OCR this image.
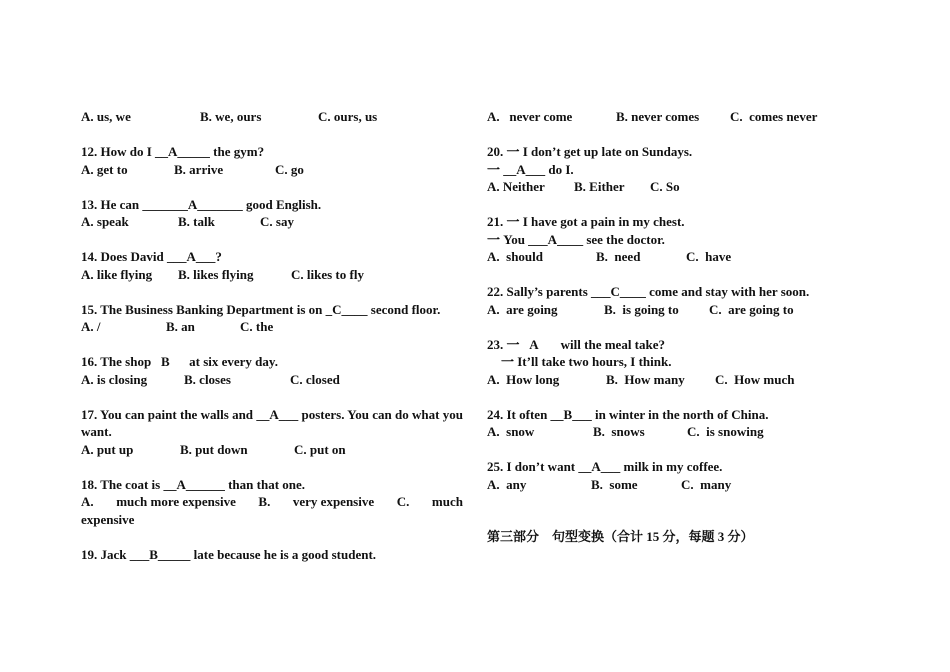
A. us, we	B. we, ours	C. ours, us
12. How do I __A_____ the gym?
A. get to	B. arrive	C. go
13. He can _______A_______ good English.
A. speak	B. talk	C. say
14. Does David ___A___?
A. like flying B. likes flying	C. likes to fly
15. The Business Banking Department is on _C____ second floor.
A. /	B. an	C. the
16. The shop   B      at six every day.
A. is closing	B. closes	C. closed
17. You can paint the walls and __A___ posters. You can do what you want.
A. put up	B. put down	C. put on
18. The coat is __A______ than that one.
A. much more expensive B. very expensive C. much
expensive
19. Jack ___B_____ late because he is a good student.

A.   never come

	B. never comes

C.  comes never

20. 一 I don’t get up late on Sundays.
一 __A___ do I.
A. Neither B. Either C. So
21. 一 I have got a pain in my chest.
一 You ___A____ see the doctor.

A.  should

	B.  need

	C.  have

22. Sally’s parents ___C____ come and stay with her soon.

A.  are going

	B.  is going to

C.  are going to

23. 一   A       will the meal take?
一 It’ll take two hours, I think.

A.  How long

	B.  How many

C.  How much

24. It often __B___ in winter in the north of China.

A.  snow

	B.  snows

	C.  is snowing

25. I don’t want __A___ milk in my coffee.

A.  any

	B.  some

	C.  many

第三部分    句型变换（合计 15 分，每题 3 分）
